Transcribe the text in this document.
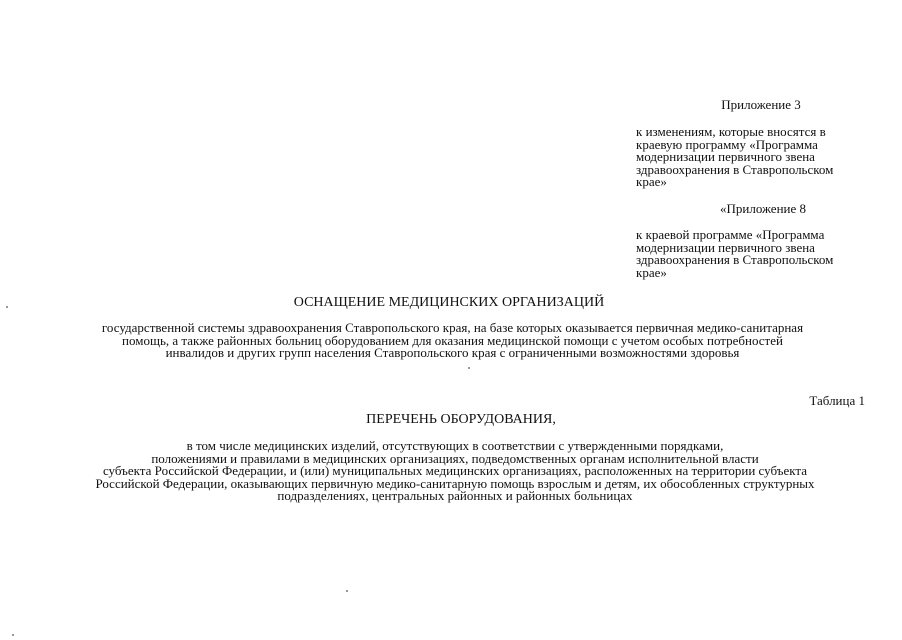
Приложение 3
к изменениям, которые вносятся в краевую программу «Программа модернизации первичного звена здравоохранения в Ставропольском крае»
«Приложение 8
к краевой программе «Программа модернизации первичного звена здравоохранения в Ставропольском крае»
ОСНАЩЕНИЕ МЕДИЦИНСКИХ ОРГАНИЗАЦИЙ
государственной системы здравоохранения Ставропольского края, на базе которых оказывается первичная медико-санитарная
помощь, а также районных больниц оборудованием для оказания медицинской помощи с учетом особых потребностей
инвалидов и других групп населения Ставропольского края с ограниченными возможностями здоровья
Таблица 1
ПЕРЕЧЕНЬ ОБОРУДОВАНИЯ,
в том числе медицинских изделий, отсутствующих в соответствии с утвержденными порядками,
положениями и правилами в медицинских организациях, подведомственных органам исполнительной власти
субъекта Российской Федерации, и (или) муниципальных медицинских организациях, расположенных на территории субъекта
Российской Федерации, оказывающих первичную медико-санитарную помощь взрослым и детям, их обособленных структурных
подразделениях, центральных районных и районных больницах
